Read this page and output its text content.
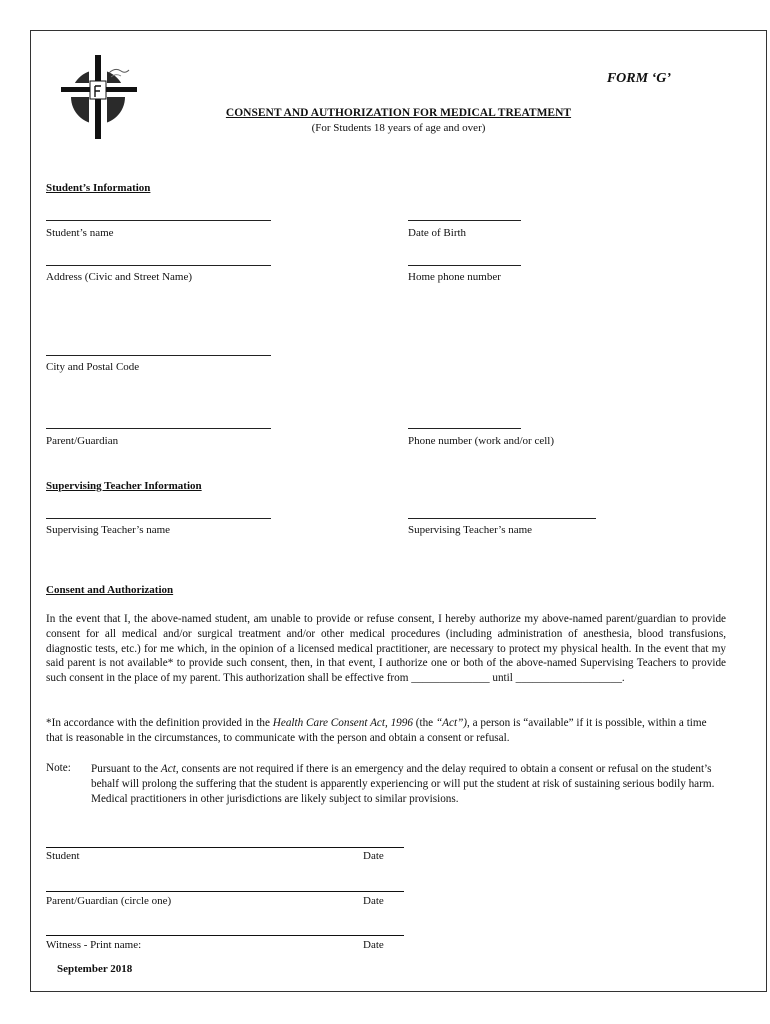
FORM ‘G’
CONSENT AND AUTHORIZATION FOR MEDICAL TREATMENT
(For Students 18 years of age and over)
Student’s Information
Student’s name	Date of Birth
Address (Civic and Street Name)	Home phone number
City and Postal Code
Parent/Guardian	Phone number (work and/or cell)
Supervising Teacher Information
Supervising Teacher’s name	Supervising Teacher’s name
Consent and Authorization
In the event that I, the above-named student, am unable to provide or refuse consent, I hereby authorize my above-named parent/guardian to provide consent for all medical and/or surgical treatment and/or other medical procedures (including administration of anesthesia, blood transfusions, diagnostic tests, etc.) for me which, in the opinion of a licensed medical practitioner, are necessary to protect my physical health. In the event that my said parent is not available* to provide such consent, then, in that event, I authorize one or both of the above-named Supervising Teachers to provide such consent in the place of my parent. This authorization shall be effective from ______________ until ___________________.
*In accordance with the definition provided in the Health Care Consent Act, 1996 (the “Act”), a person is “available” if it is possible, within a time that is reasonable in the circumstances, to communicate with the person and obtain a consent or refusal.
Note: Pursuant to the Act, consents are not required if there is an emergency and the delay required to obtain a consent or refusal on the student’s behalf will prolong the suffering that the student is apparently experiencing or will put the student at risk of sustaining serious bodily harm. Medical practitioners in other jurisdictions are likely subject to similar provisions.
Student	Date
Parent/Guardian (circle one)	Date
Witness - Print name:	Date
September 2018
